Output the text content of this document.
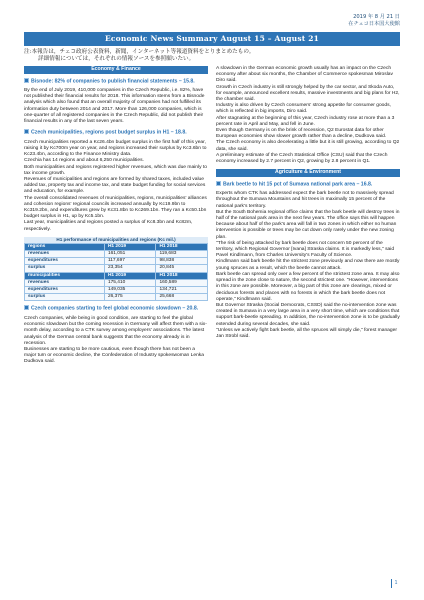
2019 年 8 月 21 日
在チェコ日本国大使館
Economic News Summary August 15 – August 21
注:本報告は，チェコ政府公表資料，新聞，インターネット等報道資料をとりまとめたもの。
詳細情報については，それぞれの情報ソースを参照願いたい。
Economy & Finance
Bisnode: 82% of companies to publish financial statements – 15.8.

By the end of July 2019, 410,000 companies in the Czech Republic, i.e. 82%, have not published their financial results for 2018. This information stems from a Bisnode analysis which also found that an overall majority of companies had not fulfilled its information duty between 2014 and 2017. More than 126,000 companies, which is one-quarter of all registered companies in the Czech Republic, did not publish their financial results in any of the last seven years.

Czech municipalities, regions post budget surplus in H1 – 18.8.

Czech municipalities reported a Kc26.4bn budget surplus in the first half of this year, raising it by Kc700m year on year, and regions increased their surplus by Kc3.6bn to Kc23.4bn, according to the Finance Ministry data.

Czechia has 14 regions and about 6,250 municipalities.

Both municipalities and regions registered higher revenues, which was due mainly to tax income growth.

Revenues of municipalities and regions are formed by shared taxes, included value added tax, property tax and income tax, and state budget funding for social services and education, for example.

The overall consolidated revenues of municipalities, regions, municipalities' alliances and cohesion regions' regional councils increased annually by Kc19.9bn to Kc319.2bn, and expenditures grew by Kc31.8bn to Kc269.1bn. They ran a Kc50.1bn budget surplus in H1, up by Kc5.1bn.

Last year, municipalities and regions posted a surplus of Kc8.3bn and Kc82m, respectively.

H1 performance of municipalities and regions (Kc mil.)
regions	H1 2019	H1 2018
revenues	161,051	119,683
expenditures	117,697	98,838
surplus	23,354	20,845
municipalities	H1 2019	H1 2018
revenues	175,410	160,589
expenditures	149,035	134,721
surplus	26,375	25,668
Czech companies starting to feel global economic slowdown – 20.8.

Czech companies, while being in good condition, are starting to feel the global economic slowdown but the coming recession in Germany will affect them with a six-month delay, according to a CTK survey among employers' associations. The latest analysis of the German central bank suggests that the economy already is in recession.

Businesses are starting to be more cautious, even though there has not been a major turn or economic decline, the Confederation of Industry spokeswoman Lenka Dudkova said.

A slowdown in the German economic growth usually has an impact on the Czech economy after about six months, the Chamber of Commerce spokesman Miroslav Diro said.

Growth in Czech industry is still strongly helped by the car sector, and Skoda Auto, for example, announced excellent results, massive investments and big plans for H2, the chamber said.

Industry is also driven by Czech consumers' strong appetite for consumer goods, which is reflected in big imports, Diro said.

After stagnating at the beginning of this year, Czech industry rose at more than a 3 percent rate in April and May, and fell in June.

Even though Germany is on the brink of recession, Q2 Eurostat data for other European economies show slower growth rather than a decline, Dudkova said.

The Czech economy is also decelerating a little but it is still growing, according to Q2 data, she said.

A preliminary estimate of the Czech Statistical Office (CSU) said that the Czech economy increased by 2.7 percent in Q2, growing by 2.8 percent in Q1.

Agriculture & Environment
Bark beetle to hit 15 pct of Sumava national park area – 16.8.

Experts whom CTK has addressed expect the bark beetle not to massively spread throughout the Sumava Mountains and hit trees in maximally 15 percent of the national park's territory.

But the South Bohemia regional office claims that the bark beetle will destroy trees in half of the national park area in the next few years. The office says this will happen because about half of the park's area will fall in two zones in which either no human intervention is possible or trees may be cut down only rarely under the new zoning plan.

"The risk of being attacked by bark beetle does not concern 50 percent of the territory, which Regional Governor [Ivana] Straska claims. It is markedly less," said Pavel Kindlmann, from Charles University's Faculty of Science.

Kindlmann said bark beetle hit the strictest zone previously and now there are mostly young spruces as a result, which the beetle cannot attack.

Bark beetle can spread only over a few percent of the strictest zone area. It may also spread in the zone close to nature, the second strictest one. "However, interventions in this zone are possible. Moreover, a big part of this zone are clearings, mixed or deciduous forests and places with no forests in which the bark beetle does not operate," Kindlmann said.

But Governor Straska (Social Democrats, CSSD) said the no-intervention zone was created in Sumava in a very large area in a very short time, which are conditions that support bark-beetle spreading. In addition, the no-intervention zone is to be gradually extended during several decades, she said.

"Unless we actively fight bark beetle, all the spruces will simply die," forest manager Jan Strobl said.

1
